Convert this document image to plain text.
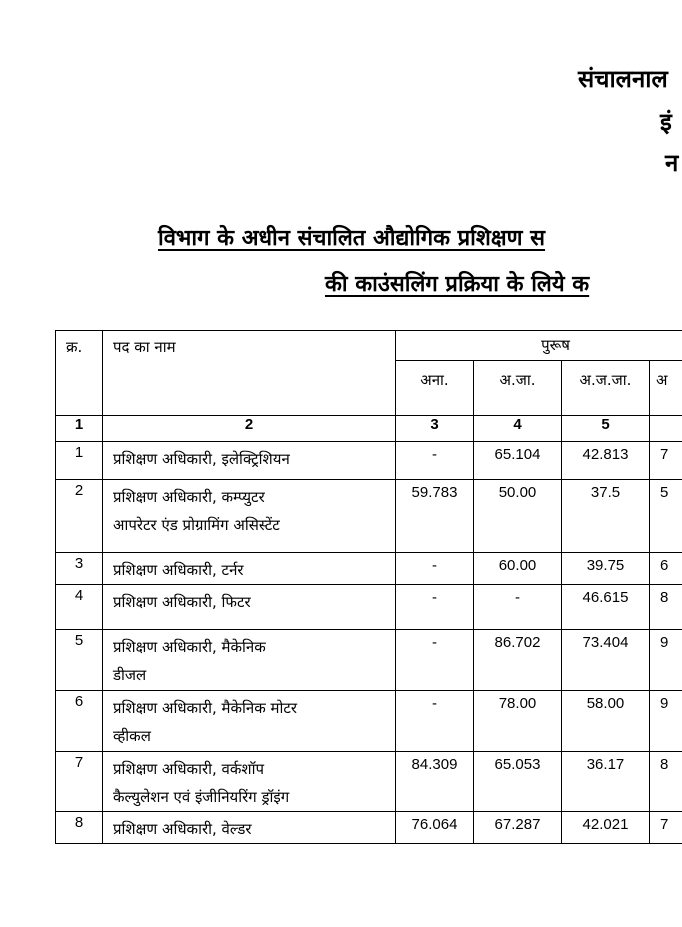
संचालनाल
इं
न
विभाग के अधीन संचालित औद्योगिक प्रशिक्षण स
की काउंसलिंग प्रक्रिया के लिये क
क्र.	पद का नाम	पुरूष			
		अना.	अ.जा.	अ.ज.जा.	अ
1	2	3	4	5	
1	प्रशिक्षण अधिकारी, इलेक्ट्रिशियन	-	65.104	42.813	7
2	प्रशिक्षण अधिकारी, कम्प्युटर
आपरेटर एंड प्रोग्रामिंग असिस्टेंट	59.783	50.00	37.5	5
3	प्रशिक्षण अधिकारी, टर्नर	-	60.00	39.75	6
4	प्रशिक्षण अधिकारी, फिटर	-	-	46.615	8
5	प्रशिक्षण अधिकारी, मैकेनिक
डीजल	-	86.702	73.404	9
6	प्रशिक्षण अधिकारी, मैकेनिक मोटर
व्हीकल	-	78.00	58.00	9
7	प्रशिक्षण अधिकारी, वर्कशॉप
कैल्युलेशन एवं इंजीनियरिंग ड्रॉइंग	84.309	65.053	36.17	8
8	प्रशिक्षण अधिकारी, वेल्डर	76.064	67.287	42.021	7
